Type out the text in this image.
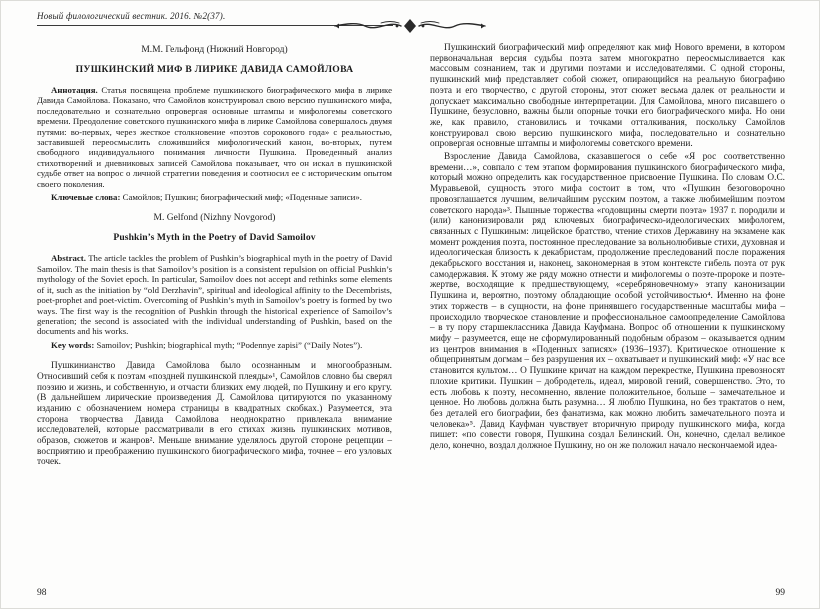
Новый филологический вестник. 2016. №2(37).
М.М. Гельфонд (Нижний Новгород)
ПУШКИНСКИЙ МИФ В ЛИРИКЕ ДАВИДА САМОЙЛОВА

Аннотация. Статья посвящена проблеме пушкинского биографического мифа в лирике Давида Самойлова. Показано, что Самойлов конструировал свою версию пушкинского мифа, последовательно и сознательно опровергая основные штампы и мифологемы советского времени. Преодоление советского пушкинского мифа в лирике Самойлова совершалось двумя путями: во-первых, через жесткое столкновение «поэтов сорокового года» с реальностью, заставившей переосмыслить сложившийся мифологический канон, во-вторых, путем свободного индивидуального понимания личности Пушкина. Проведенный анализ стихотворений и дневниковых записей Самойлова показывает, что он искал в пушкинской судьбе ответ на вопрос о личной стратегии поведения и соотносил ее с историческим опытом своего поколения.

Ключевые слова: Самойлов; Пушкин; биографический миф; «Поденные записи».

M. Gelfond (Nizhny Novgorod)
Pushkin’s Myth in the Poetry of David Samoilov

Abstract. The article tackles the problem of Pushkin’s biographical myth in the poetry of David Samoilov. The main thesis is that Samoilov’s position is a consistent repulsion on official Pushkin’s mythology of the Soviet epoch. In particular, Samoilov does not accept and rethinks some elements of it, such as the initiation by “old Derzhavin”, spiritual and ideological affinity to the Decembrists, poet-prophet and poet-victim. Overcoming of Pushkin’s myth in Samoilov’s poetry is formed by two ways. The first way is the recognition of Pushkin through the historical experience of Samoilov’s generation; the second is associated with the individual understanding of Pushkin, based on the documents and his works.

Key words: Samoilov; Pushkin; biographical myth; “Podennye zapisi” (“Daily Notes”).

Пушкинианство Давида Самойлова было осознанным и многообразным. Относивший себя к поэтам «поздней пушкинской плеяды»¹, Самойлов словно бы сверял поэзию и жизнь, и собственную, и отчасти близких ему людей, по Пушкину и его кругу. (В дальнейшем лирические произведения Д. Самойлова цитируются по указанному изданию с обозначением номера страницы в квадратных скобках.) Разумеется, эта сторона творчества Давида Самойлова неоднократно привлекала внимание исследователей, которые рассматривали в его стихах жизнь пушкинских мотивов, образов, сюжетов и жанров². Меньше внимание уделялось другой стороне рецепции – восприятию и преображению пушкинского биографического мифа, точнее – его узловых точек.

98

Пушкинский биографический миф определяют как миф Нового времени, в котором первоначальная версия судьбы поэта затем многократно переосмысливается как массовым сознанием, так и другими поэтами и исследователями. С одной стороны, пушкинский миф представляет собой сюжет, опирающийся на реальную биографию поэта и его творчество, с другой стороны, этот сюжет весьма далек от реальности и допускает максимально свободные интерпретации. Для Самойлова, много писавшего о Пушкине, безусловно, важны были опорные точки его биографического мифа. Но они же, как правило, становились и точками отталкивания, поскольку Самойлов конструировал свою версию пушкинского мифа, последовательно и сознательно опровергая основные штампы и мифологемы советского времени.

Взросление Давида Самойлова, сказавшегося о себе «Я рос соответственно времени…», совпало с тем этапом формирования пушкинского биографического мифа, который можно определить как государственное присвоение Пушкина. По словам О.С. Муравьевой, сущность этого мифа состоит в том, что «Пушкин безоговорочно провозглашается лучшим, величайшим русским поэтом, а также любимейшим поэтом советского народа»³. Пышные торжества «годовщины смерти поэта» 1937 г. породили и (или) канонизировали ряд ключевых биографическо-идеологических мифологем, связанных с Пушкиным: лицейское братство, чтение стихов Державину на экзамене как момент рождения поэта, постоянное преследование за вольнолюбивые стихи, духовная и идеологическая близость к декабристам, продолжение преследований после поражения декабрьского восстания и, наконец, закономерная в этом контексте гибель поэта от рук самодержавия. К этому же ряду можно отнести и мифологемы о поэте-пророке и поэте-жертве, восходящие к предшествующему, «серебряновечному» этапу канонизации Пушкина и, вероятно, поэтому обладающие особой устойчивостью⁴. Именно на фоне этих торжеств – в сущности, на фоне принявшего государственные масштабы мифа – происходило творческое становление и профессиональное самоопределение Самойлова – в ту пору старшеклассника Давида Кауфмана. Вопрос об отношении к пушкинскому мифу – разумеется, еще не сформулированный подобным образом – оказывается одним из центров внимания в «Поденных записях» (1936–1937). Критическое отношение к общепринятым догмам – без разрушения их – охватывает и пушкинский миф: «У нас все становится культом… О Пушкине кричат на каждом перекрестке, Пушкина превозносят плохие критики. Пушкин – добродетель, идеал, мировой гений, совершенство. Это, то есть любовь к поэту, несомненно, явление положительное, больше – замечательное и ценное. Но любовь должна быть разумна… Я люблю Пушкина, но без трактатов о нем, без деталей его биографии, без фанатизма, как можно любить замечательного поэта и человека»⁵. Давид Кауфман чувствует вторичную природу пушкинского мифа, когда пишет: «по совести говоря, Пушкина создал Белинский. Он, конечно, сделал великое дело, конечно, воздал должное Пушкину, но он же положил начало нескончаемой идеа-

99
